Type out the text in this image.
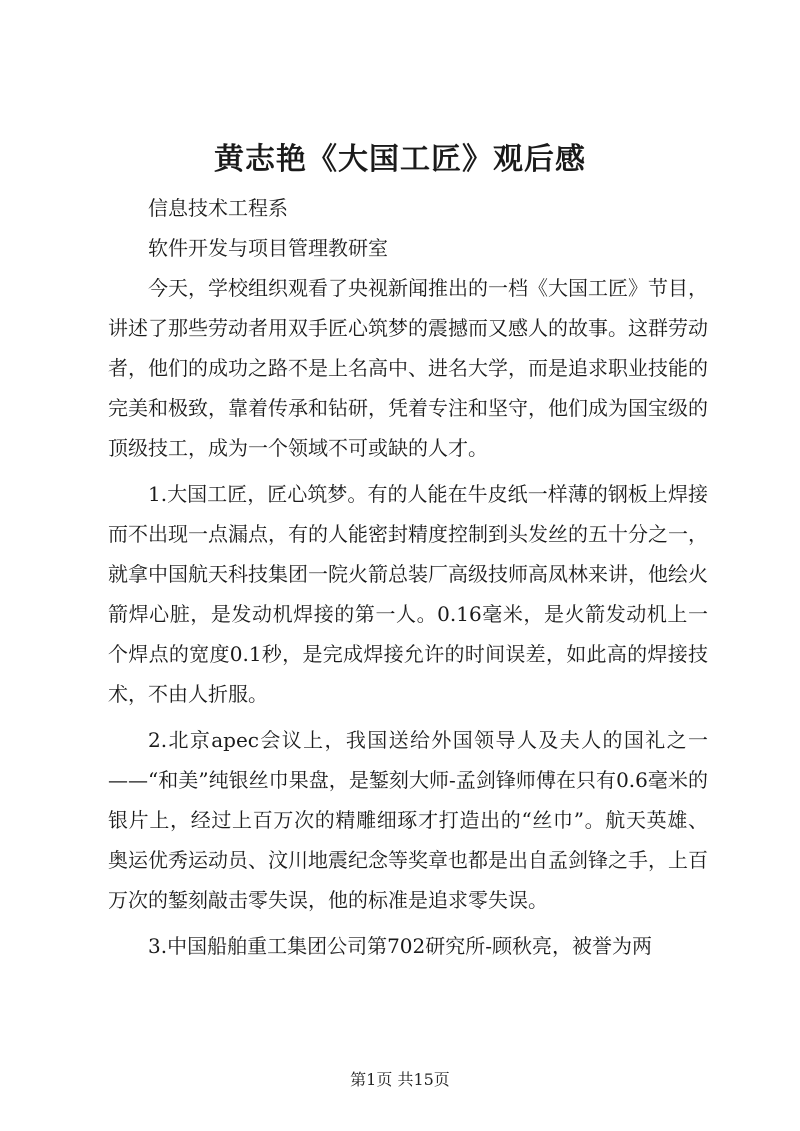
黄志艳《大国工匠》观后感

信息技术工程系

软件开发与项目管理教研室

今天，学校组织观看了央视新闻推出的一档《大国工匠》节目，讲述了那些劳动者用双手匠心筑梦的震撼而又感人的故事。这群劳动者，他们的成功之路不是上名高中、进名大学，而是追求职业技能的完美和极致，靠着传承和钻研，凭着专注和坚守，他们成为国宝级的顶级技工，成为一个领域不可或缺的人才。

1.大国工匠，匠心筑梦。有的人能在牛皮纸一样薄的钢板上焊接而不出现一点漏点，有的人能密封精度控制到头发丝的五十分之一，就拿中国航天科技集团一院火箭总装厂高级技师高凤林来讲，他绘火箭焊心脏，是发动机焊接的第一人。0.16毫米，是火箭发动机上一个焊点的宽度0.1秒，是完成焊接允许的时间误差，如此高的焊接技术，不由人折服。

2.北京apec会议上，我国送给外国领导人及夫人的国礼之一——“和美”纯银丝巾果盘，是錾刻大师-孟剑锋师傅在只有0.6毫米的银片上，经过上百万次的精雕细琢才打造出的“丝巾”。航天英雄、奥运优秀运动员、汶川地震纪念等奖章也都是出自孟剑锋之手，上百万次的錾刻敲击零失误，他的标准是追求零失误。

3.中国船舶重工集团公司第702研究所-顾秋亮，被誉为两

第1页 共15页
